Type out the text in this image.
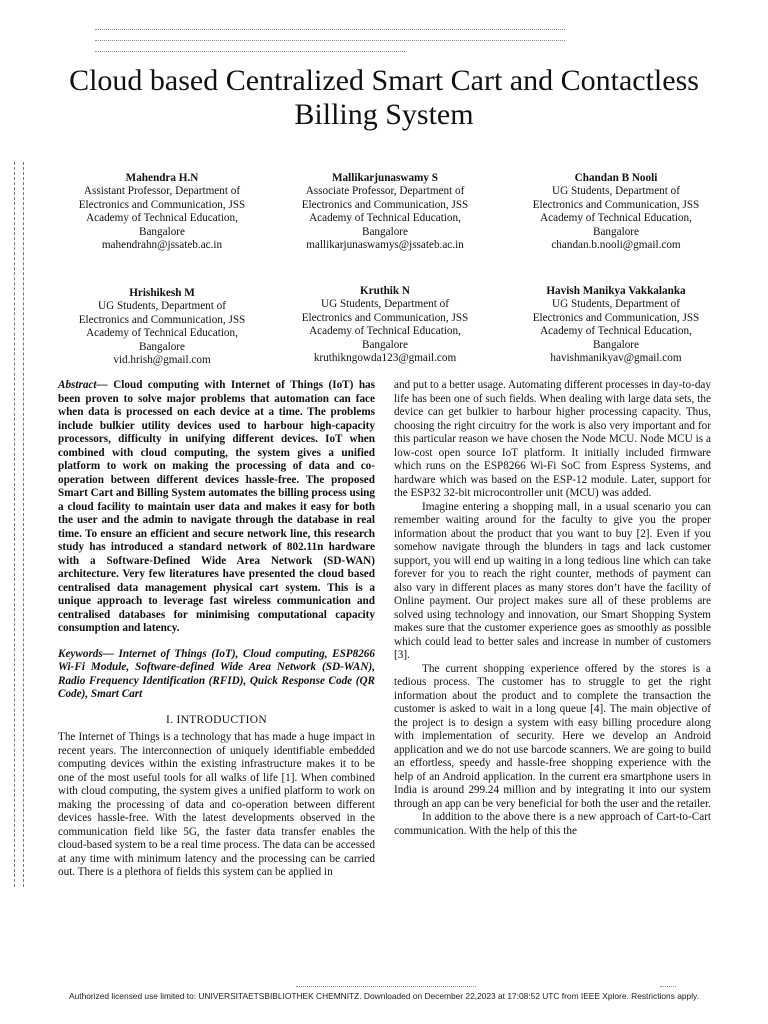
Cloud based Centralized Smart Cart and Contactless
Billing System
Mahendra H.N
Assistant Professor, Department of
Electronics and Communication, JSS
Academy of Technical Education,
Bangalore
mahendrahn@jssateb.ac.in
Mallikarjunaswamy S
Associate Professor, Department of
Electronics and Communication, JSS
Academy of Technical Education,
Bangalore
mallikarjunaswamys@jssateb.ac.in
Chandan B Nooli
UG Students, Department of
Electronics and Communication, JSS
Academy of Technical Education,
Bangalore
chandan.b.nooli@gmail.com
Hrishikesh M
UG Students, Department of
Electronics and Communication, JSS
Academy of Technical Education,
Bangalore
vid.hrish@gmail.com
Kruthik N
UG Students, Department of
Electronics and Communication, JSS
Academy of Technical Education,
Bangalore
kruthikngowda123@gmail.com
Havish Manikya Vakkalanka
UG Students, Department of
Electronics and Communication, JSS
Academy of Technical Education,
Bangalore
havishmanikyav@gmail.com

Abstract— Cloud computing with Internet of Things (IoT) has been proven to solve major problems that automation can face when data is processed on each device at a time. The problems include bulkier utility devices used to harbour high-capacity processors, difficulty in unifying different devices. IoT when combined with cloud computing, the system gives a unified platform to work on making the processing of data and co-operation between different devices hassle-free. The proposed Smart Cart and Billing System automates the billing process using a cloud facility to maintain user data and makes it easy for both the user and the admin to navigate through the database in real time. To ensure an efficient and secure network line, this research study has introduced a standard network of 802.11n hardware with a Software-Defined Wide Area Network (SD-WAN) architecture. Very few literatures have presented the cloud based centralised data management physical cart system. This is a unique approach to leverage fast wireless communication and centralised databases for minimising computational capacity consumption and latency.

Keywords— Internet of Things (IoT), Cloud computing, ESP8266 Wi-Fi Module, Software-defined Wide Area Network (SD-WAN), Radio Frequency Identification (RFID), Quick Response Code (QR Code), Smart Cart

I. INTRODUCTION

The Internet of Things is a technology that has made a huge impact in recent years. The interconnection of uniquely identifiable embedded computing devices within the existing infrastructure makes it to be one of the most useful tools for all walks of life [1]. When combined with cloud computing, the system gives a unified platform to work on making the processing of data and co-operation between different devices hassle-free. With the latest developments observed in the communication field like 5G, the faster data transfer enables the cloud-based system to be a real time process. The data can be accessed at any time with minimum latency and the processing can be carried out. There is a plethora of fields this system can be applied in

and put to a better usage. Automating different processes in day-to-day life has been one of such fields. When dealing with large data sets, the device can get bulkier to harbour higher processing capacity. Thus, choosing the right circuitry for the work is also very important and for this particular reason we have chosen the Node MCU. Node MCU is a low-cost open source IoT platform. It initially included firmware which runs on the ESP8266 Wi-Fi SoC from Espress Systems, and hardware which was based on the ESP-12 module. Later, support for the ESP32 32-bit microcontroller unit (MCU) was added.

Imagine entering a shopping mall, in a usual scenario you can remember waiting around for the faculty to give you the proper information about the product that you want to buy [2]. Even if you somehow navigate through the blunders in tags and lack customer support, you will end up waiting in a long tedious line which can take forever for you to reach the right counter, methods of payment can also vary in different places as many stores don’t have the facility of Online payment. Our project makes sure all of these problems are solved using technology and innovation, our Smart Shopping System makes sure that the customer experience goes as smoothly as possible which could lead to better sales and increase in number of customers [3].

The current shopping experience offered by the stores is a tedious process. The customer has to struggle to get the right information about the product and to complete the transaction the customer is asked to wait in a long queue [4]. The main objective of the project is to design a system with easy billing procedure along with implementation of security. Here we develop an Android application and we do not use barcode scanners. We are going to build an effortless, speedy and hassle-free shopping experience with the help of an Android application. In the current era smartphone users in India is around 299.24 million and by integrating it into our system through an app can be very beneficial for both the user and the retailer.

In addition to the above there is a new approach of Cart-to-Cart communication. With the help of this the

Authorized licensed use limited to: UNIVERSITAETSBIBLIOTHEK CHEMNITZ. Downloaded on December 22,2023 at 17:08:52 UTC from IEEE Xplore. Restrictions apply.
